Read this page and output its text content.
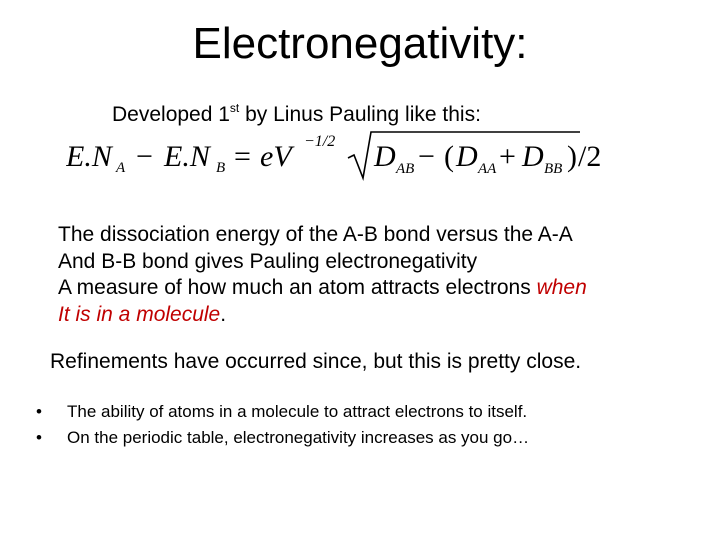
Electronegativity:
Developed 1st by Linus Pauling like this:
E.N A − E.N B = eV −1/2 D AB − ( D AA + D BB ) /2
The dissociation energy of the A-B bond versus the A-A
And B-B bond gives Pauling electronegativity
A measure of how much an atom attracts electrons when
It is in a molecule.
Refinements have occurred since, but this is pretty close.
•	The ability of atoms in a molecule to attract electrons to itself.
•	On the periodic table, electronegativity increases as you go…
